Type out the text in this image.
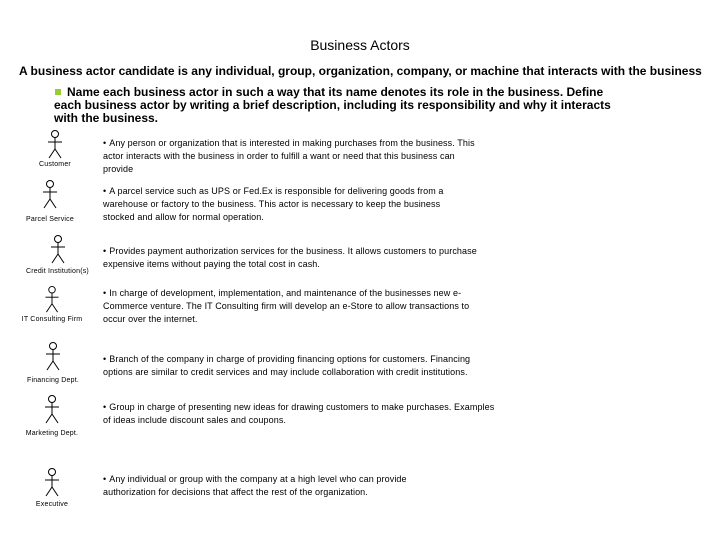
Business Actors
A business actor candidate is any individual, group, organization, company, or machine that interacts with the business
Name each business actor in such a way that its name denotes its role in the business. Define each business actor by writing a brief description, including its responsibility and why it interacts with the business.
Customer
Parcel Service
Credit Institution(s)
IT Consulting Firm
Financing Dept.
Marketing Dept.
Executive
• Any person or organization that is interested in making purchases from the business. This actor interacts with the business in order to fulfill a want or need that this business can provide
• A parcel service such as UPS or Fed.Ex is responsible for delivering goods from a warehouse or factory to the business. This actor is necessary to keep the business stocked and allow for normal operation.
• Provides payment authorization services for the business. It allows customers to purchase expensive items without paying the total cost in cash.
• In charge of development, implementation, and maintenance of the businesses new e-Commerce venture. The IT Consulting firm will develop an e-Store to allow transactions to occur over the internet.
• Branch of the company in charge of providing financing options for customers. Financing options are similar to credit services and may include collaboration with credit institutions.
• Group in charge of presenting new ideas for drawing customers to make purchases. Examples of ideas include discount sales and coupons.
• Any individual or group with the company at a high level who can provide authorization for decisions that affect the rest of the organization.
